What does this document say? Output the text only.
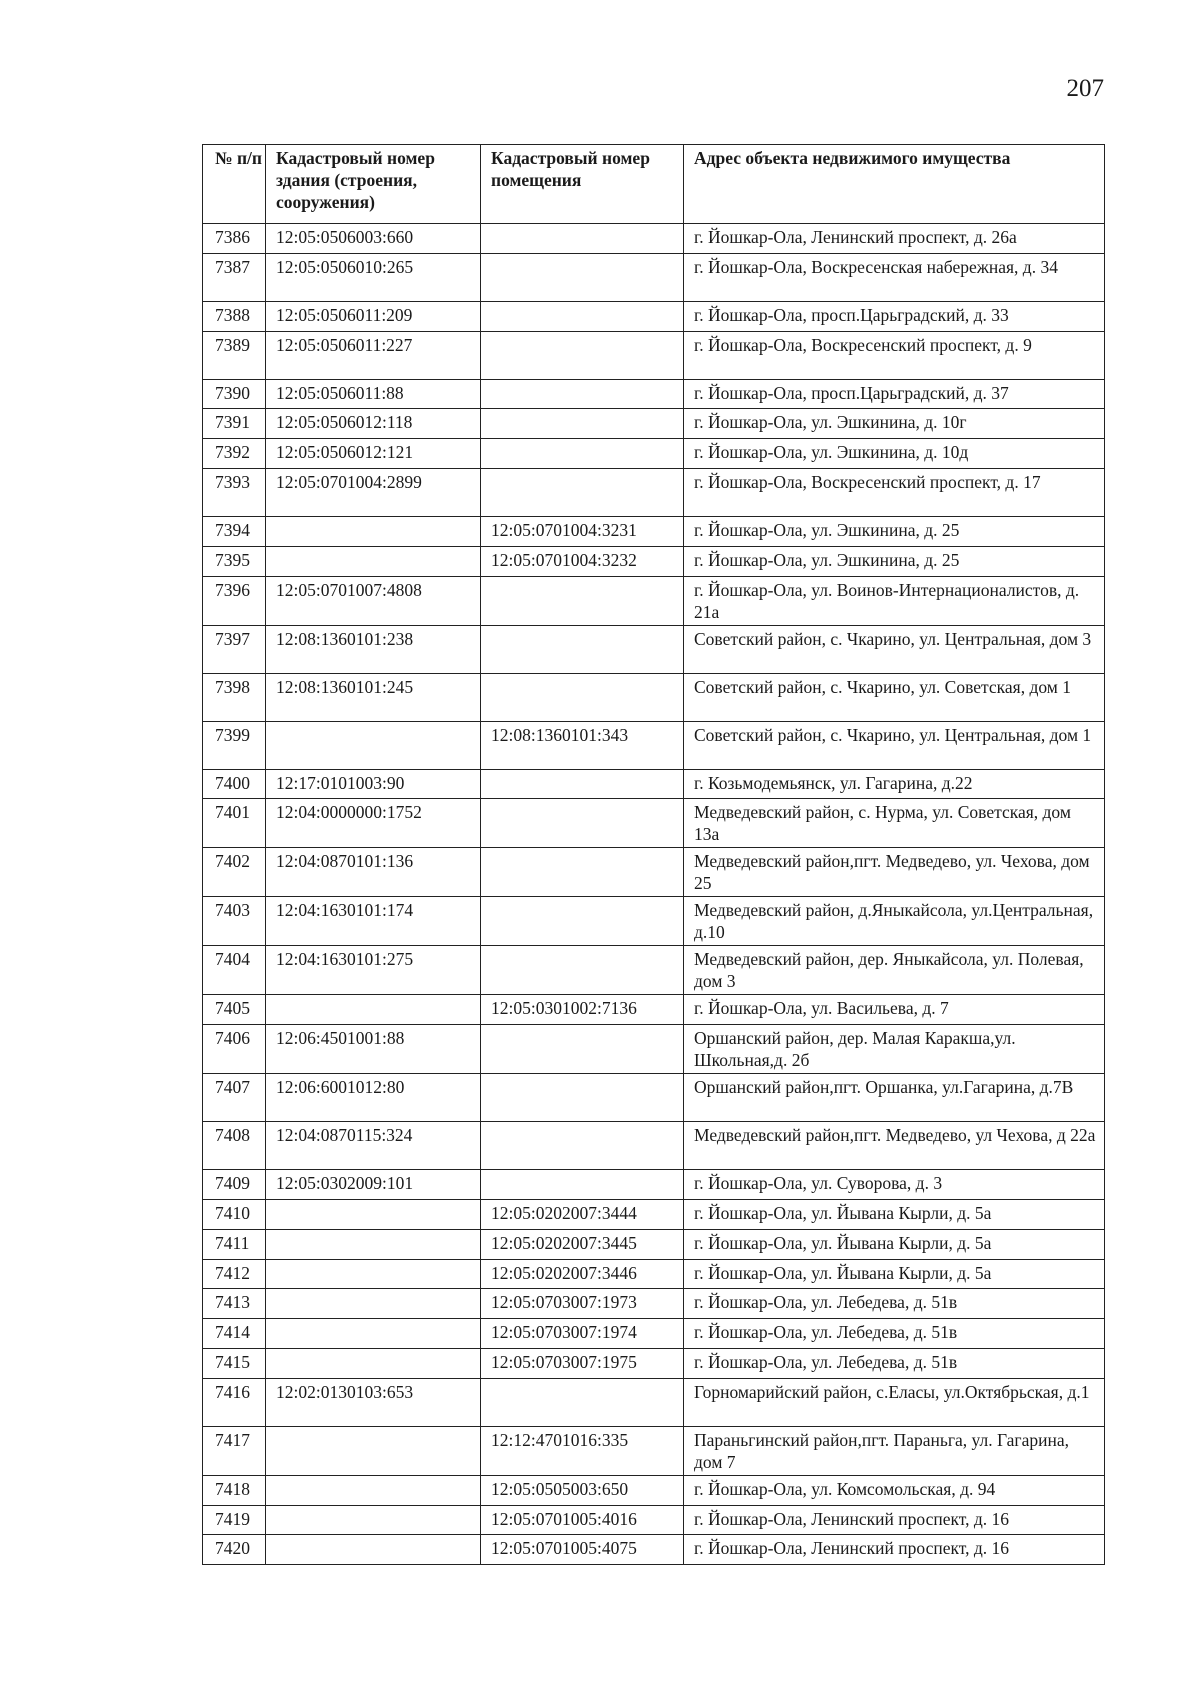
207
№ п/п	Кадастровый номер здания (строения, сооружения)	Кадастровый номер помещения	Адрес объекта недвижимого имущества
7386	12:05:0506003:660		г. Йошкар-Ола, Ленинский проспект, д. 26а
7387	12:05:0506010:265		г. Йошкар-Ола, Воскресенская набережная, д. 34
7388	12:05:0506011:209		г. Йошкар-Ола, просп.Царьградский, д. 33
7389	12:05:0506011:227		г. Йошкар-Ола, Воскресенский проспект, д. 9
7390	12:05:0506011:88		г. Йошкар-Ола, просп.Царьградский, д. 37
7391	12:05:0506012:118		г. Йошкар-Ола, ул. Эшкинина, д. 10г
7392	12:05:0506012:121		г. Йошкар-Ола, ул. Эшкинина, д. 10д
7393	12:05:0701004:2899		г. Йошкар-Ола, Воскресенский проспект, д. 17
7394		12:05:0701004:3231	г. Йошкар-Ола, ул. Эшкинина, д. 25
7395		12:05:0701004:3232	г. Йошкар-Ола, ул. Эшкинина, д. 25
7396	12:05:0701007:4808		г. Йошкар-Ола, ул. Воинов-Интернационалистов, д. 21а
7397	12:08:1360101:238		Советский район, с. Чкарино, ул. Центральная, дом 3
7398	12:08:1360101:245		Советский район, с. Чкарино, ул. Советская, дом 1
7399		12:08:1360101:343	Советский район, с. Чкарино, ул. Центральная, дом 1
7400	12:17:0101003:90		г. Козьмодемьянск, ул. Гагарина, д.22
7401	12:04:0000000:1752		Медведевский район, с. Нурма, ул. Советская, дом 13а
7402	12:04:0870101:136		Медведевский район,пгт. Медведево, ул. Чехова, дом 25
7403	12:04:1630101:174		Медведевский район, д.Яныкайсола, ул.Центральная, д.10
7404	12:04:1630101:275		Медведевский район, дер. Яныкайсола, ул. Полевая, дом 3
7405		12:05:0301002:7136	г. Йошкар-Ола, ул. Васильева, д. 7
7406	12:06:4501001:88		Оршанский район, дер. Малая Каракша,ул. Школьная,д. 2б
7407	12:06:6001012:80		Оршанский район,пгт. Оршанка, ул.Гагарина, д.7В
7408	12:04:0870115:324		Медведевский район,пгт. Медведево, ул Чехова, д 22а
7409	12:05:0302009:101		г. Йошкар-Ола, ул. Суворова, д. 3
7410		12:05:0202007:3444	г. Йошкар-Ола, ул. Йывана Кырли, д. 5а
7411		12:05:0202007:3445	г. Йошкар-Ола, ул. Йывана Кырли, д. 5а
7412		12:05:0202007:3446	г. Йошкар-Ола, ул. Йывана Кырли, д. 5а
7413		12:05:0703007:1973	г. Йошкар-Ола, ул. Лебедева, д. 51в
7414		12:05:0703007:1974	г. Йошкар-Ола, ул. Лебедева, д. 51в
7415		12:05:0703007:1975	г. Йошкар-Ола, ул. Лебедева, д. 51в
7416	12:02:0130103:653		Горномарийский район, с.Еласы, ул.Октябрьская, д.1
7417		12:12:4701016:335	Параньгинский район,пгт. Параньга, ул. Гагарина, дом 7
7418		12:05:0505003:650	г. Йошкар-Ола, ул. Комсомольская, д. 94
7419		12:05:0701005:4016	г. Йошкар-Ола, Ленинский проспект, д. 16
7420		12:05:0701005:4075	г. Йошкар-Ола, Ленинский проспект, д. 16
